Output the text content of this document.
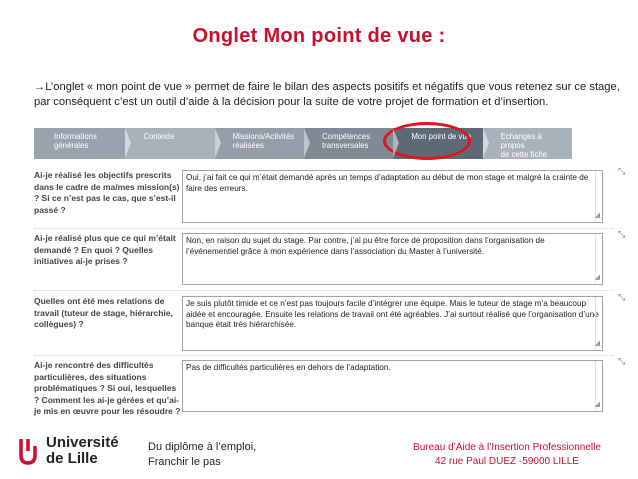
Onglet Mon point de vue :
→L’onglet « mon point de vue » permet de faire le bilan des aspects positifs et négatifs que vous retenez sur ce stage, par conséquent c’est un outil d’aide à la décision pour la suite de votre projet de formation et d’insertion.
Informations
générales
Contexte	Missions/Activités
réalisées
Compétences
transversales
Mon point de vue	Echanges à propos
de cette fiche
Ai-je réalisé les objectifs prescrits dans le cadre de ma/mes mission(s) ? Si ce n’est pas le cas, que s’est-il passé ?
Oui, j’ai fait ce qui m’était demandé après un temps d’adaptation au début de mon stage et malgré la crainte de faire des erreurs.
◢
⤡
Ai-je réalisé plus que ce qui m’était demandé ? En quoi ? Quelles initiatives ai-je prises ?
Non, en raison du sujet du stage. Par contre, j’ai pu être force de proposition dans l’organisation de l’événementiel grâce à mon expérience dans l’association du Master à l’université.
◢
⤡
Quelles ont été mes relations de travail (tuteur de stage, hiérarchie, collègues) ?
Je suis plutôt timide et ce n’est pas toujours facile d’intégrer une équipe. Mais le tuteur de stage m’a beaucoup aidée et encouragée. Ensuite les relations de travail ont été agréables. J’ai surtout réalisé que l’organisation d’une banque était très hiérarchisée.
◢
⤡
Ai-je rencontré des difficultés particulières, des situations problématiques ? Si oui, lesquelles ? Comment les ai-je gérées et qu’ai-je mis en œuvre pour les résoudre ?
Pas de difficultés particulières en dehors de l’adaptation.
◢
⤡
Université
de Lille
Du diplôme à l’emploi,
Franchir le pas
Bureau d’Aide à l’Insertion Professionnelle
42 rue Paul DUEZ -59000 LILLE
